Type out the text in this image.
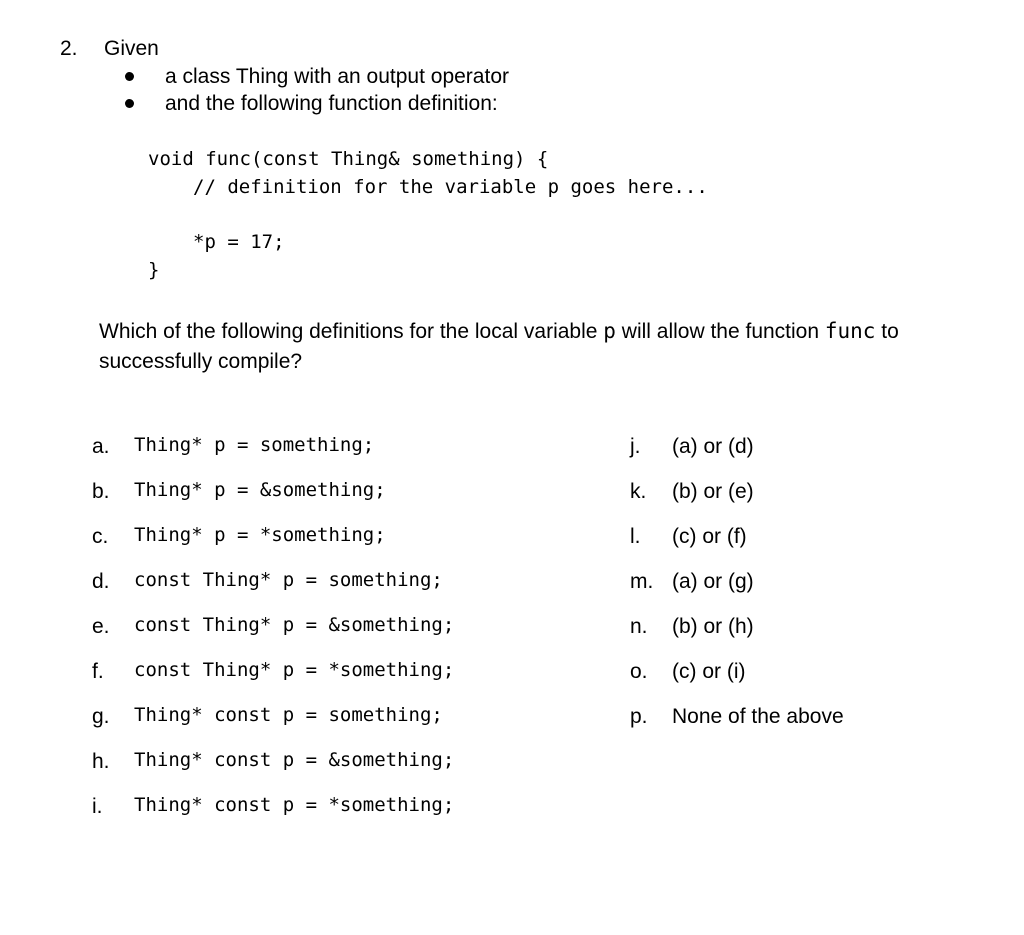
2. Given
a class Thing with an output operator
and the following function definition:
void func(const Thing& something) {
// definition for the variable p goes here...
*p = 17;
}
Which of the following definitions for the local variable p will allow the function func to successfully compile?
a. Thing* p = something;
b. Thing* p = &something;
c. Thing* p = *something;
d. const Thing* p = something;
e. const Thing* p = &something;
f. const Thing* p = *something;
g. Thing* const p = something;
h. Thing* const p = &something;
i. Thing* const p = *something;
j. (a) or (d)
k. (b) or (e)
l. (c) or (f)
m. (a) or (g)
n. (b) or (h)
o. (c) or (i)
p. None of the above
